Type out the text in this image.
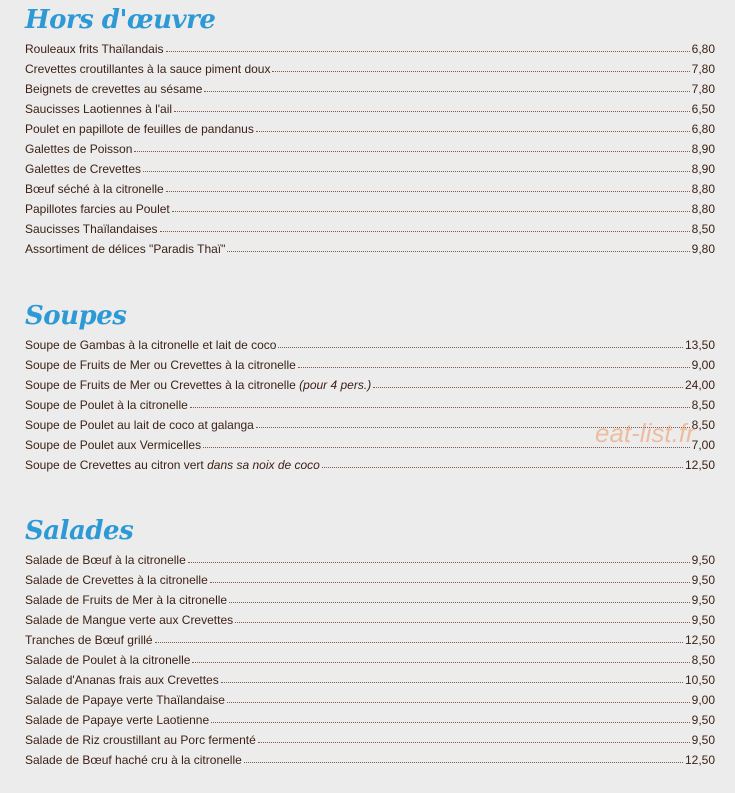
Hors d'œuvre
Rouleaux frits Thaïlandais	6,80
Crevettes croutillantes à la sauce piment doux	7,80
Beignets de crevettes au sésame	7,80
Saucisses Laotiennes à l'ail	6,50
Poulet en papillote de feuilles de pandanus	6,80
Galettes de Poisson	8,90
Galettes de Crevettes	8,90
Bœuf séché à la citronelle	8,80
Papillotes farcies au Poulet	8,80
Saucisses Thaïlandaises	8,50
Assortiment de délices "Paradis Thaï"	9,80
Soupes
Soupe de Gambas à la citronelle et lait de coco	13,50
Soupe de Fruits de Mer ou Crevettes à la citronelle	9,00
Soupe de Fruits de Mer ou Crevettes à la citronelle (pour 4 pers.)	24,00
Soupe de Poulet à la citronelle	8,50
Soupe de Poulet au lait de coco at galanga	8,50
Soupe de Poulet aux Vermicelles	7,00
Soupe de Crevettes au citron vert dans sa noix de coco	12,50
Salades
Salade de Bœuf à la citronelle	9,50
Salade de Crevettes à la citronelle	9,50
Salade de Fruits de Mer à la citronelle	9,50
Salade de Mangue verte aux Crevettes	9,50
Tranches de Bœuf grillé	12,50
Salade de Poulet à la citronelle	8,50
Salade d'Ananas frais aux Crevettes	10,50
Salade de Papaye verte Thaïlandaise	9,00
Salade de Papaye verte Laotienne	9,50
Salade de Riz croustillant au Porc fermenté	9,50
Salade de Bœuf haché cru à la citronelle	12,50
eat-list.fr
